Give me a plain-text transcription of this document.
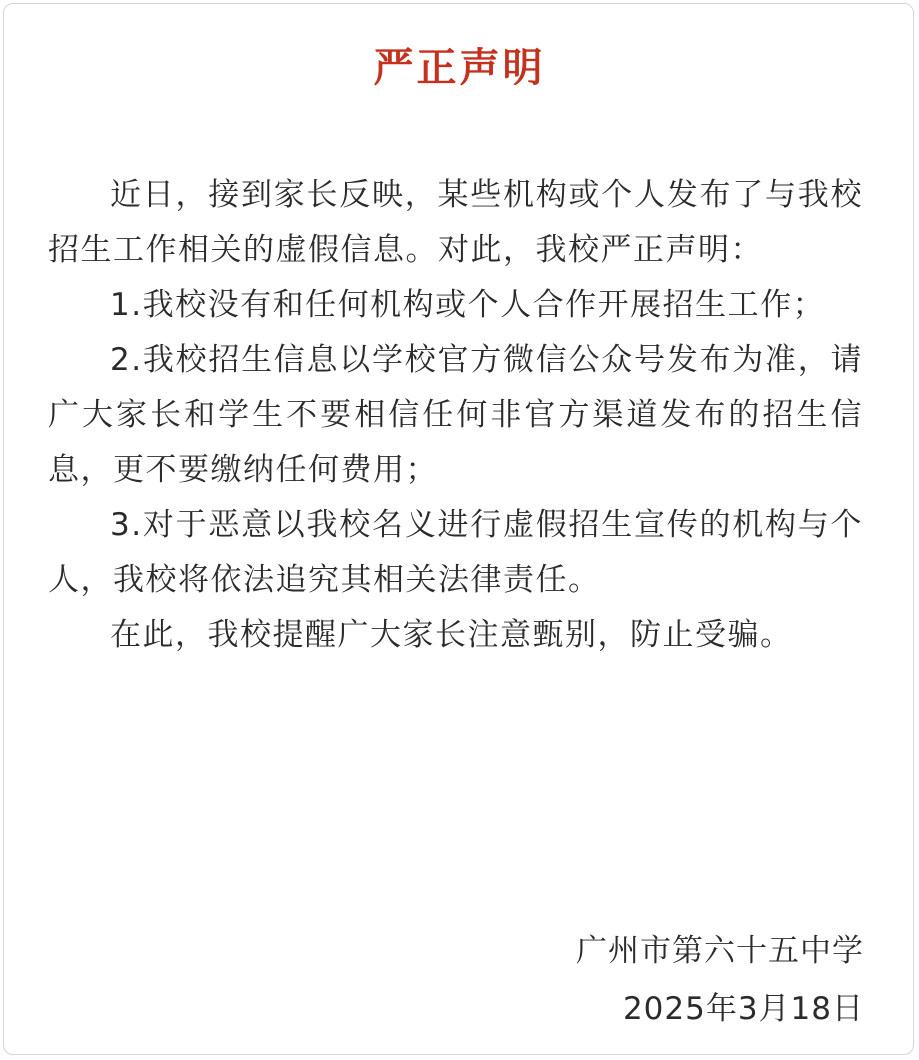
严正声明

近日，接到家长反映，某些机构或个人发布了与我校招生工作相关的虚假信息。对此，我校严正声明：

1.我校没有和任何机构或个人合作开展招生工作；

2.我校招生信息以学校官方微信公众号发布为准，请广大家长和学生不要相信任何非官方渠道发布的招生信息，更不要缴纳任何费用；

3.对于恶意以我校名义进行虚假招生宣传的机构与个人，我校将依法追究其相关法律责任。

在此，我校提醒广大家长注意甄别，防止受骗。

广州市第六十五中学
2025年3月18日
